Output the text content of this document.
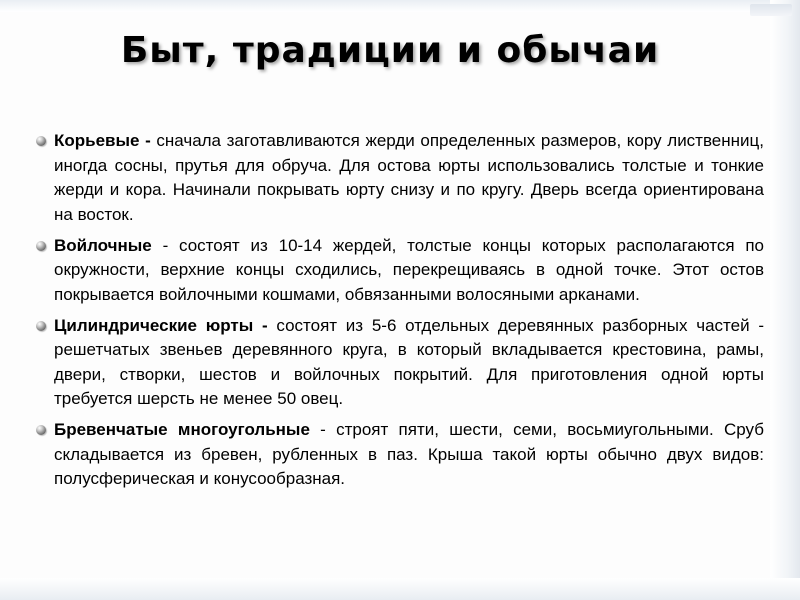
Быт, традиции и обычаи
Корьевые - сначала заготавливаются жерди определенных размеров, кору лиственниц, иногда сосны, прутья для обруча. Для остова юрты использовались толстые и тонкие жерди и кора. Начинали покрывать юрту снизу и по кругу. Дверь всегда ориентирована на восток.
Войлочные - состоят из 10-14 жердей, толстые концы которых располагаются по окружности, верхние концы сходились, перекрещиваясь в одной точке. Этот остов покрывается войлочными кошмами, обвязанными волосяными арканами.
Цилиндрические юрты - состоят из 5-6 отдельных деревянных разборных частей - решетчатых звеньев деревянного круга, в который вкладывается крестовина, рамы, двери, створки, шестов и войлочных покрытий. Для приготовления одной юрты требуется шерсть не менее 50 овец.
Бревенчатые многоугольные - строят пяти, шести, семи, восьмиугольными. Сруб складывается из бревен, рубленных в паз. Крыша такой юрты обычно двух видов: полусферическая и конусообразная.
